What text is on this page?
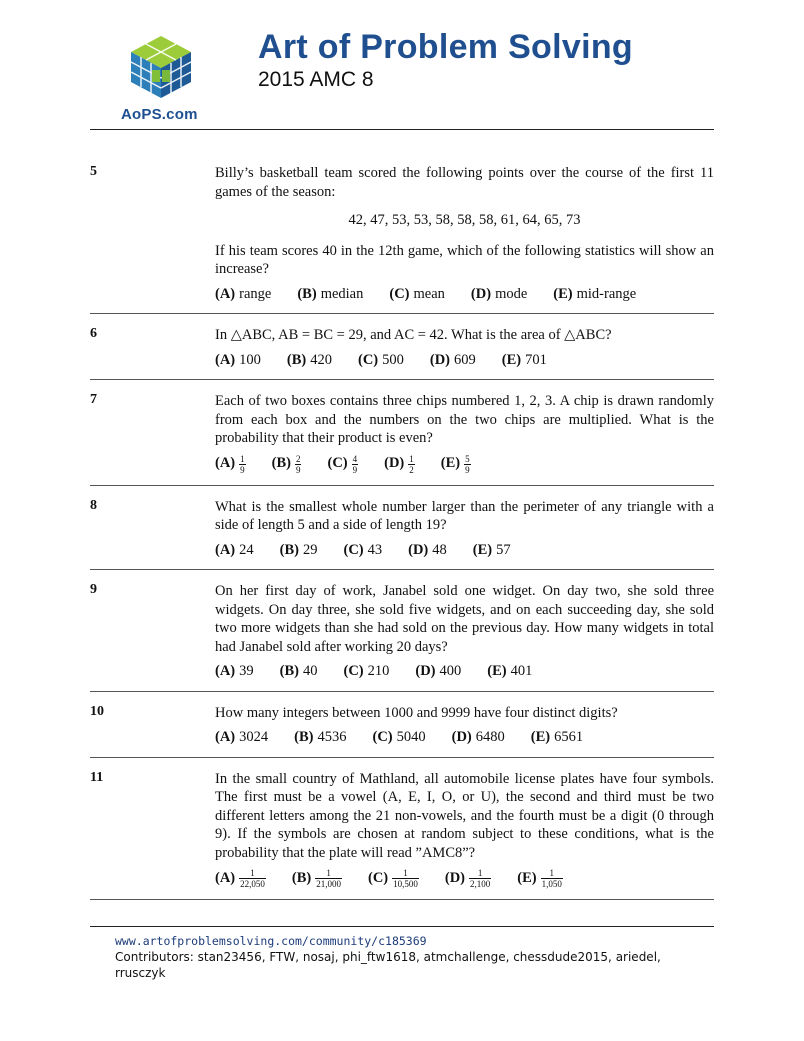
AoPS.com
Art of Problem Solving
2015 AMC 8
5	Billy’s basketball team scored the following points over the course of the first 11 games of the season:

42, 47, 53, 53, 58, 58, 58, 61, 64, 65, 73

If his team scores 40 in the 12th game, which of the following statistics will show an increase?

(A) range (B) median (C) mean (D) mode (E) mid-range
6	In △ABC, AB = BC = 29, and AC = 42. What is the area of △ABC?

(A) 100 (B) 420 (C) 500 (D) 609 (E) 701
7	Each of two boxes contains three chips numbered 1, 2, 3. A chip is drawn randomly from each box and the numbers on the two chips are multiplied. What is the probability that their product is even?

$(A) \frac{1}{9} (B) \frac{2}{9} (C) \frac{4}{9} (D) \frac{1}{2} (E) \frac{5}{9}$
8	What is the smallest whole number larger than the perimeter of any triangle with a side of length 5 and a side of length 19?

(A) 24 (B) 29 (C) 43 (D) 48 (E) 57
9	On her first day of work, Janabel sold one widget. On day two, she sold three widgets. On day three, she sold five widgets, and on each succeeding day, she sold two more widgets than she had sold on the previous day. How many widgets in total had Janabel sold after working 20 days?

(A) 39 (B) 40 (C) 210 (D) 400 (E) 401
10	How many integers between 1000 and 9999 have four distinct digits?

(A) 3024 (B) 4536 (C) 5040 (D) 6480 (E) 6561
11	In the small country of Mathland, all automobile license plates have four symbols. The first must be a vowel (A, E, I, O, or U), the second and third must be two different letters among the 21 non-vowels, and the fourth must be a digit (0 through 9). If the symbols are chosen at random subject to these conditions, what is the probability that the plate will read ”AMC8”?

$(A) \frac{1}{22,050} (B) \frac{1}{21,000} (C) \frac{1}{10,500} (D) \frac{1}{2,100} (E) \frac{1}{1,050}$
www.artofproblemsolving.com/community/c185369
Contributors: stan23456, FTW, nosaj, phi_ftw1618, atmchallenge, chessdude2015, ariedel, rrusczyk
